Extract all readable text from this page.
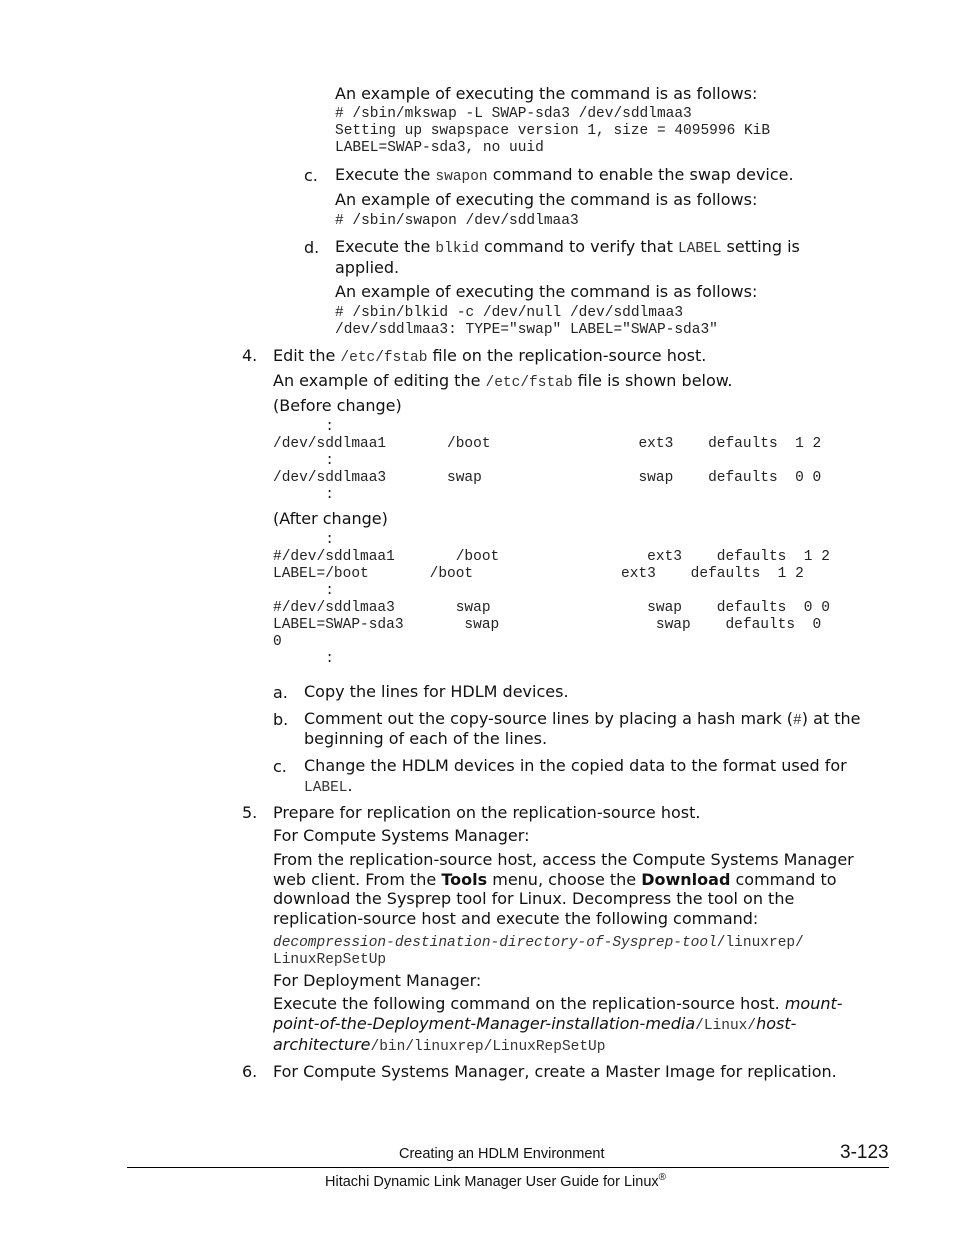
An example of executing the command is as follows:
# /sbin/mkswap -L SWAP-sda3 /dev/sddlmaa3
Setting up swapspace version 1, size = 4095996 KiB
LABEL=SWAP-sda3, no uuid
c. Execute the swapon command to enable the swap device.
An example of executing the command is as follows:
# /sbin/swapon /dev/sddlmaa3
d. Execute the blkid command to verify that LABEL setting is
applied.
An example of executing the command is as follows:
# /sbin/blkid -c /dev/null /dev/sddlmaa3
/dev/sddlmaa3: TYPE="swap" LABEL="SWAP-sda3"
4. Edit the /etc/fstab file on the replication-source host.
An example of editing the /etc/fstab file is shown below.
(Before change)
:
/dev/sddlmaa1       /boot                 ext3    defaults  1 2
:
/dev/sddlmaa3       swap                  swap    defaults  0 0
:
(After change)
:
#/dev/sddlmaa1       /boot                 ext3    defaults  1 2
LABEL=/boot       /boot                 ext3    defaults  1 2
:
#/dev/sddlmaa3       swap                  swap    defaults  0 0
LABEL=SWAP-sda3       swap                  swap    defaults  0
0
:
a. Copy the lines for HDLM devices.
b. Comment out the copy-source lines by placing a hash mark (#) at the
beginning of each of the lines.
c. Change the HDLM devices in the copied data to the format used for
LABEL.
5. Prepare for replication on the replication-source host.
For Compute Systems Manager:
From the replication-source host, access the Compute Systems Manager
web client. From the Tools menu, choose the Download command to
download the Sysprep tool for Linux. Decompress the tool on the
replication-source host and execute the following command:
decompression-destination-directory-of-Sysprep-tool/linuxrep/
LinuxRepSetUp
For Deployment Manager:
Execute the following command on the replication-source host. mount-
point-of-the-Deployment-Manager-installation-media/Linux/host-
architecture/bin/linuxrep/LinuxRepSetUp
6. For Compute Systems Manager, create a Master Image for replication.
Creating an HDLM Environment	3-123
Hitachi Dynamic Link Manager User Guide for Linux®
